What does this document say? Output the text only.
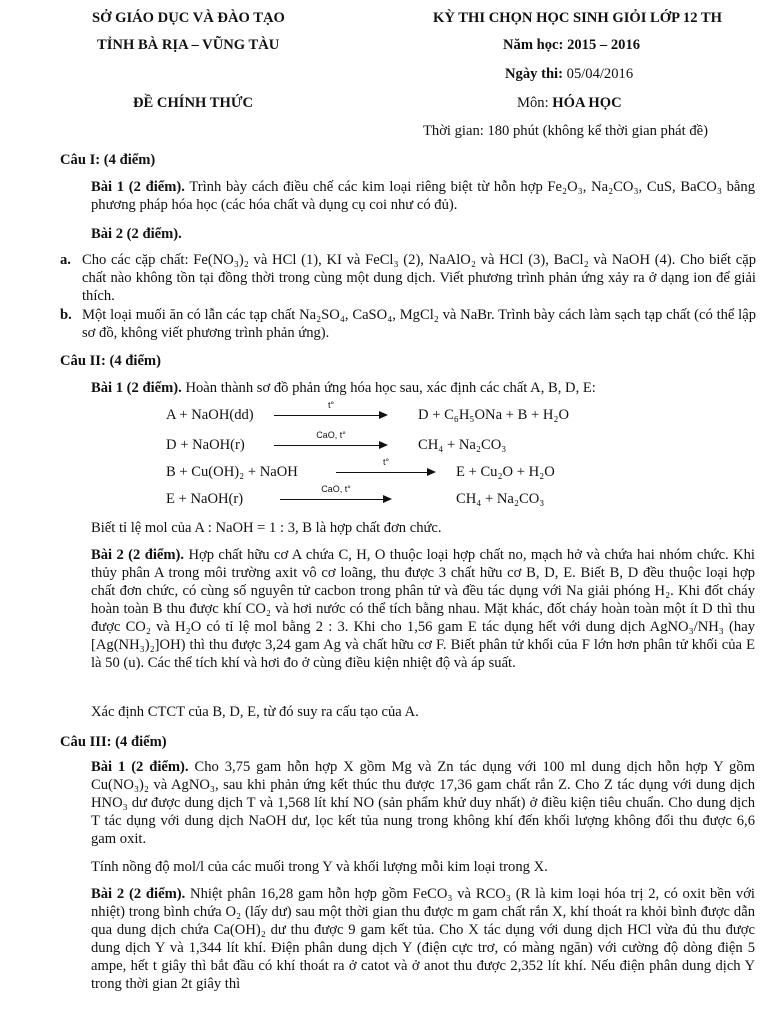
SỞ GIÁO DỤC VÀ ĐÀO TẠO
TỈNH BÀ RỊA – VŨNG TÀU
ĐỀ CHÍNH THỨC
KỲ THI CHỌN HỌC SINH GIỎI LỚP 12 TH
Năm học: 2015 – 2016
Ngày thi: 05/04/2016
Môn: HÓA HỌC
Thời gian: 180 phút (không kể thời gian phát đề)
Câu I: (4 điểm)
Bài 1 (2 điểm). Trình bày cách điều chế các kim loại riêng biệt từ hỗn hợp Fe₂O₃, Na₂CO₃, CuS, BaCO₃ bằng phương pháp hóa học (các hóa chất và dụng cụ coi như có đủ).
Bài 2 (2 điểm).
a. Cho các cặp chất: Fe(NO₃)₂ và HCl (1), KI và FeCl₃ (2), NaAlO₂ và HCl (3), BaCl₂ và NaOH (4). Cho biết cặp chất nào không tồn tại đồng thời trong cùng một dung dịch. Viết phương trình phản ứng xảy ra ở dạng ion để giải thích.
b. Một loại muối ăn có lẫn các tạp chất Na₂SO₄, CaSO₄, MgCl₂ và NaBr. Trình bày cách làm sạch tạp chất (có thể lập sơ đồ, không viết phương trình phản ứng).
Câu II: (4 điểm)
Bài 1 (2 điểm). Hoàn thành sơ đồ phản ứng hóa học sau, xác định các chất A, B, D, E:
A + NaOH(dd)
t°
D + C₆H₅ONa + B + H₂O
D + NaOH(r)
CaO, t°
CH₄ + Na₂CO₃
B + Cu(OH)₂ + NaOH
t°
E + Cu₂O + H₂O
E + NaOH(r)
CaO, t°
CH₄ + Na₂CO₃
Biết tỉ lệ mol của A : NaOH = 1 : 3, B là hợp chất đơn chức.
Bài 2 (2 điểm). Hợp chất hữu cơ A chứa C, H, O thuộc loại hợp chất no, mạch hở và chứa hai nhóm chức. Khi thủy phân A trong môi trường axit vô cơ loãng, thu được 3 chất hữu cơ B, D, E. Biết B, D đều thuộc loại hợp chất đơn chức, có cùng số nguyên tử cacbon trong phân tử và đều tác dụng với Na giải phóng H₂. Khi đốt cháy hoàn toàn B thu được khí CO₂ và hơi nước có thể tích bằng nhau. Mặt khác, đốt cháy hoàn toàn một ít D thì thu được CO₂ và H₂O có tỉ lệ mol bằng 2 : 3. Khi cho 1,56 gam E tác dụng hết với dung dịch AgNO₃/NH₃ (hay [Ag(NH₃)₂]OH) thì thu được 3,24 gam Ag và chất hữu cơ F. Biết phân tử khối của F lớn hơn phân tử khối của E là 50 (u). Các thể tích khí và hơi đo ở cùng điều kiện nhiệt độ và áp suất.
Xác định CTCT của B, D, E, từ đó suy ra cấu tạo của A.
Câu III: (4 điểm)
Bài 1 (2 điểm). Cho 3,75 gam hỗn hợp X gồm Mg và Zn tác dụng với 100 ml dung dịch hỗn hợp Y gồm Cu(NO₃)₂ và AgNO₃, sau khi phản ứng kết thúc thu được 17,36 gam chất rắn Z. Cho Z tác dụng với dung dịch HNO₃ dư được dung dịch T và 1,568 lít khí NO (sản phẩm khử duy nhất) ở điều kiện tiêu chuẩn. Cho dung dịch T tác dụng với dung dịch NaOH dư, lọc kết tủa nung trong không khí đến khối lượng không đổi thu được 6,6 gam oxit.
Tính nồng độ mol/l của các muối trong Y và khối lượng mỗi kim loại trong X.
Bài 2 (2 điểm). Nhiệt phân 16,28 gam hỗn hợp gồm FeCO₃ và RCO₃ (R là kim loại hóa trị 2, có oxit bền với nhiệt) trong bình chứa O₂ (lấy dư) sau một thời gian thu được m gam chất rắn X, khí thoát ra khỏi bình được dẫn qua dung dịch chứa Ca(OH)₂ dư thu được 9 gam kết tủa. Cho X tác dụng với dung dịch HCl vừa đủ thu được dung dịch Y và 1,344 lít khí. Điện phân dung dịch Y (điện cực trơ, có màng ngăn) với cường độ dòng điện 5 ampe, hết t giây thì bắt đầu có khí thoát ra ở catot và ở anot thu được 2,352 lít khí. Nếu điện phân dung dịch Y trong thời gian 2t giây thì
